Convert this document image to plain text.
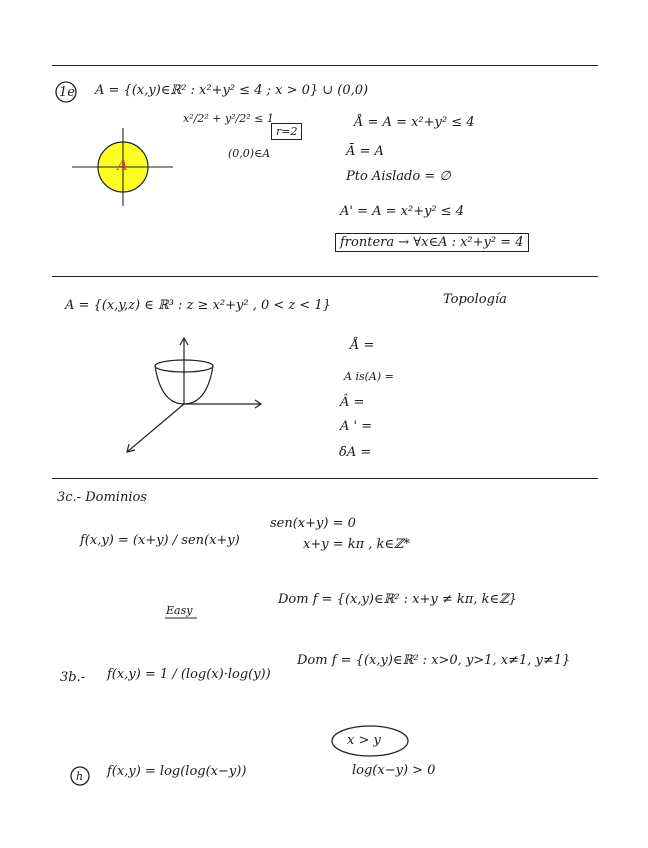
1e A = {(x,y)∈ℝ² : x²+y² ≤ 4 ; x > 0} ∪ (0,0)
x²/2² + y²/2² ≤ 1
r=2
(0,0)∈A
A
Å = A = x²+y² ≤ 4
Ā = A
Pto Aislado = ∅
A' = A = x²+y² ≤ 4
frontera → ∀x∈A : x²+y² = 4
A = {(x,y,z) ∈ ℝ³ : z ≥ x²+y² , 0 < z < 1}	Topología
Å =
A is(A) =
Â =
A ' =
δA =
3c.- Dominios
f(x,y) = (x+y) / sen(x+y)
sen(x+y) = 0
x+y = kπ , k∈ℤ*
Easy
Dom f = {(x,y)∈ℝ² : x+y ≠ kπ, k∈ℤ}
3b.- f(x,y) = 1 / (log(x)·log(y))
Dom f = {(x,y)∈ℝ² : x>0, y>1, x≠1, y≠1}
x > y
h f(x,y) = log(log(x−y))	log(x−y) > 0
